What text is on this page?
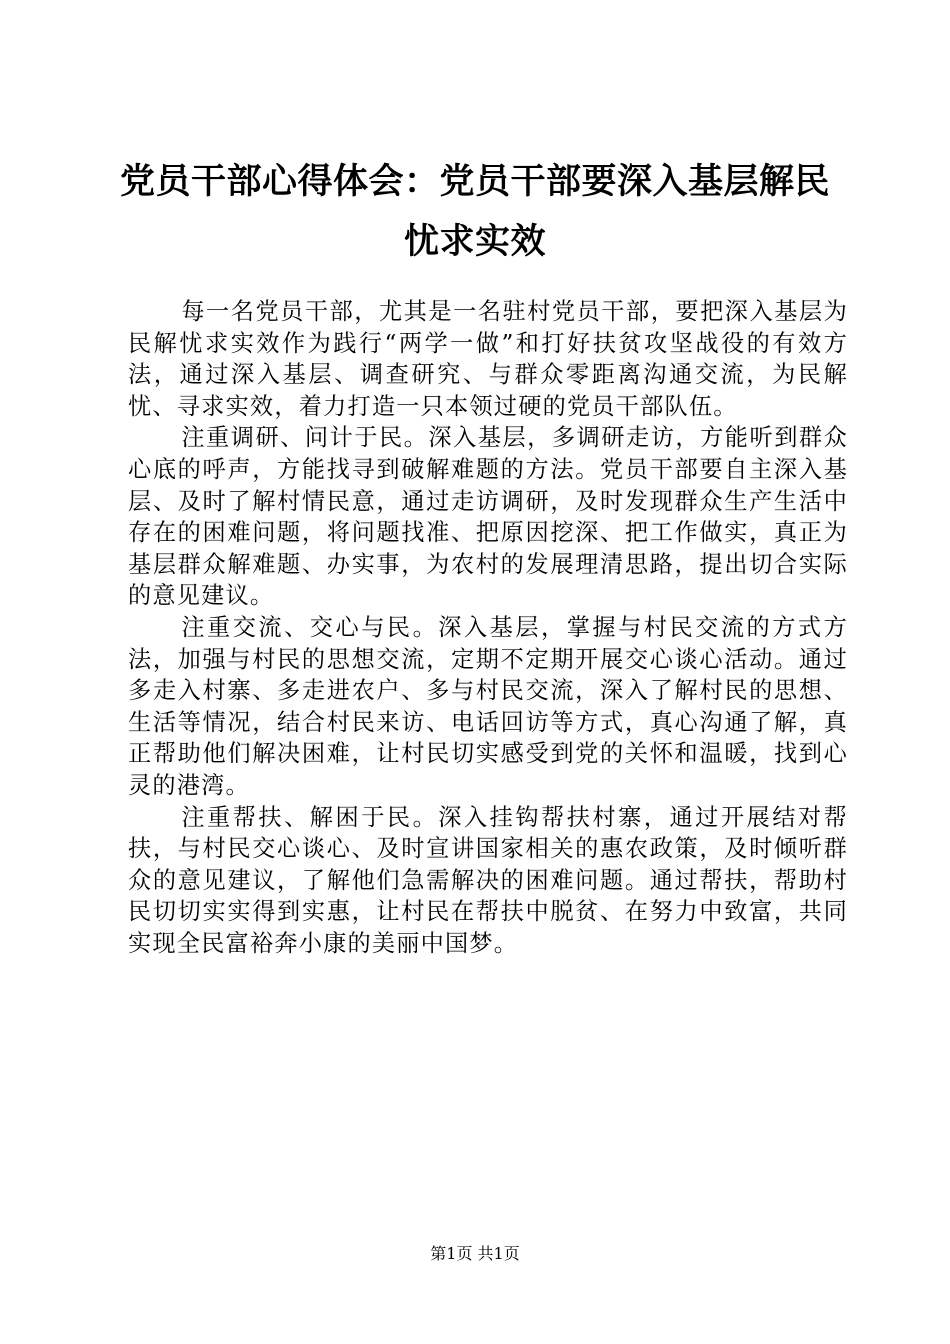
党员干部心得体会：党员干部要深入基层解民
忧求实效

每一名党员干部，尤其是一名驻村党员干部，要把深入基层为民解忧求实效作为践行“两学一做”和打好扶贫攻坚战役的有效方法，通过深入基层、调查研究、与群众零距离沟通交流，为民解忧、寻求实效，着力打造一只本领过硬的党员干部队伍。

注重调研、问计于民。深入基层，多调研走访，方能听到群众心底的呼声，方能找寻到破解难题的方法。党员干部要自主深入基层、及时了解村情民意，通过走访调研，及时发现群众生产生活中存在的困难问题，将问题找准、把原因挖深、把工作做实，真正为基层群众解难题、办实事，为农村的发展理清思路，提出切合实际的意见建议。

注重交流、交心与民。深入基层，掌握与村民交流的方式方法，加强与村民的思想交流，定期不定期开展交心谈心活动。通过多走入村寨、多走进农户、多与村民交流，深入了解村民的思想、生活等情况，结合村民来访、电话回访等方式，真心沟通了解，真正帮助他们解决困难，让村民切实感受到党的关怀和温暖，找到心灵的港湾。

注重帮扶、解困于民。深入挂钩帮扶村寨，通过开展结对帮扶，与村民交心谈心、及时宣讲国家相关的惠农政策，及时倾听群众的意见建议，了解他们急需解决的困难问题。通过帮扶，帮助村民切切实实得到实惠，让村民在帮扶中脱贫、在努力中致富，共同实现全民富裕奔小康的美丽中国梦。

第1页 共1页
